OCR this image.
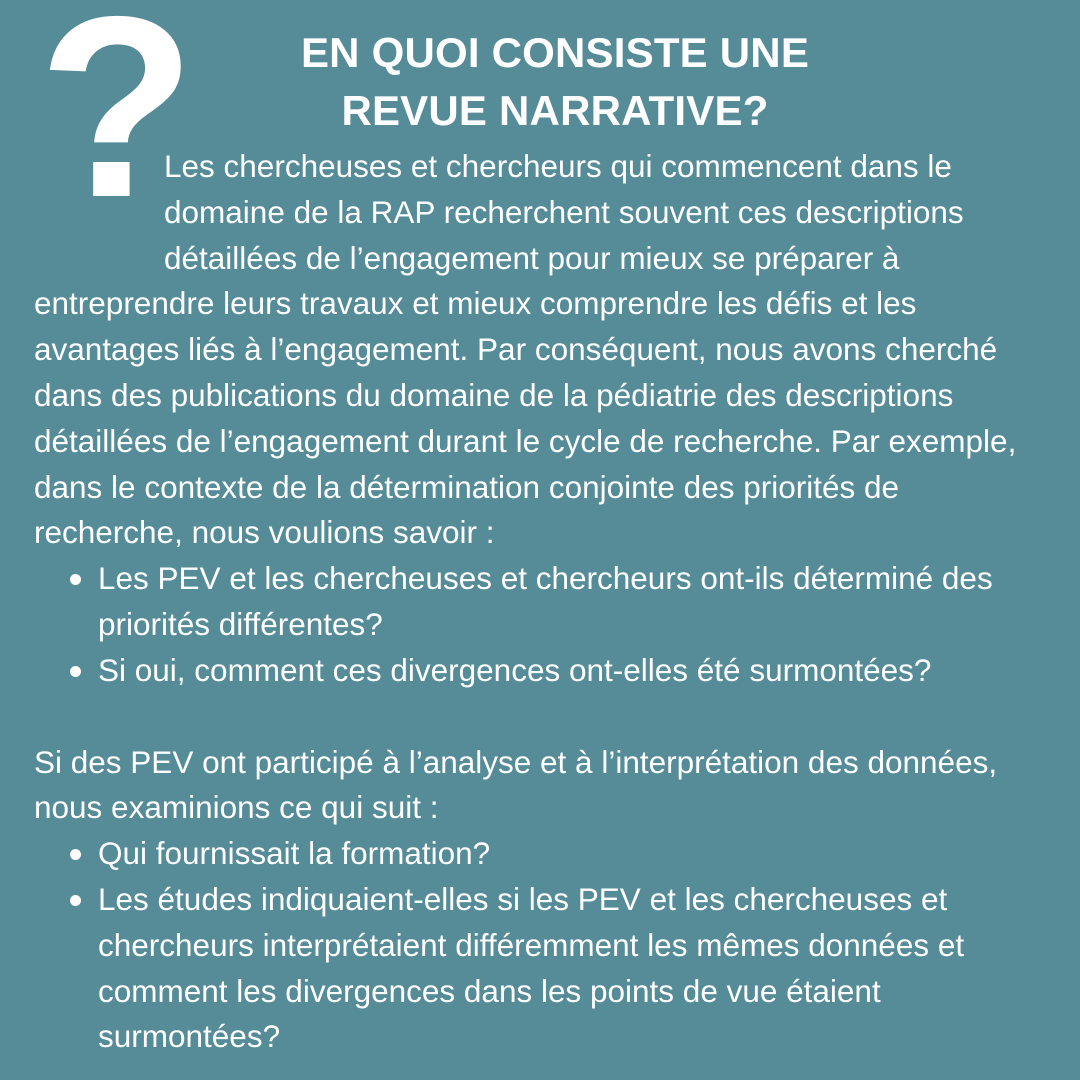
?	EN QUOI CONSISTE UNE
REVUE NARRATIVE?

Les chercheuses et chercheurs qui commencent dans le domaine de la RAP recherchent souvent ces descriptions détaillées de l’engagement pour mieux se préparer à entreprendre leurs travaux et mieux comprendre les défis et les avantages liés à l’engagement. Par conséquent, nous avons cherché dans des publications du domaine de la pédiatrie des descriptions détaillées de l’engagement durant le cycle de recherche. Par exemple, dans le contexte de la détermination conjointe des priorités de recherche, nous voulions savoir :

Les PEV et les chercheuses et chercheurs ont-ils déterminé des priorités différentes?
Si oui, comment ces divergences ont-elles été surmontées?

Si des PEV ont participé à l’analyse et à l’interprétation des données, nous examinions ce qui suit :

Qui fournissait la formation?
Les études indiquaient-elles si les PEV et les chercheuses et chercheurs interprétaient différemment les mêmes données et comment les divergences dans les points de vue étaient surmontées?
